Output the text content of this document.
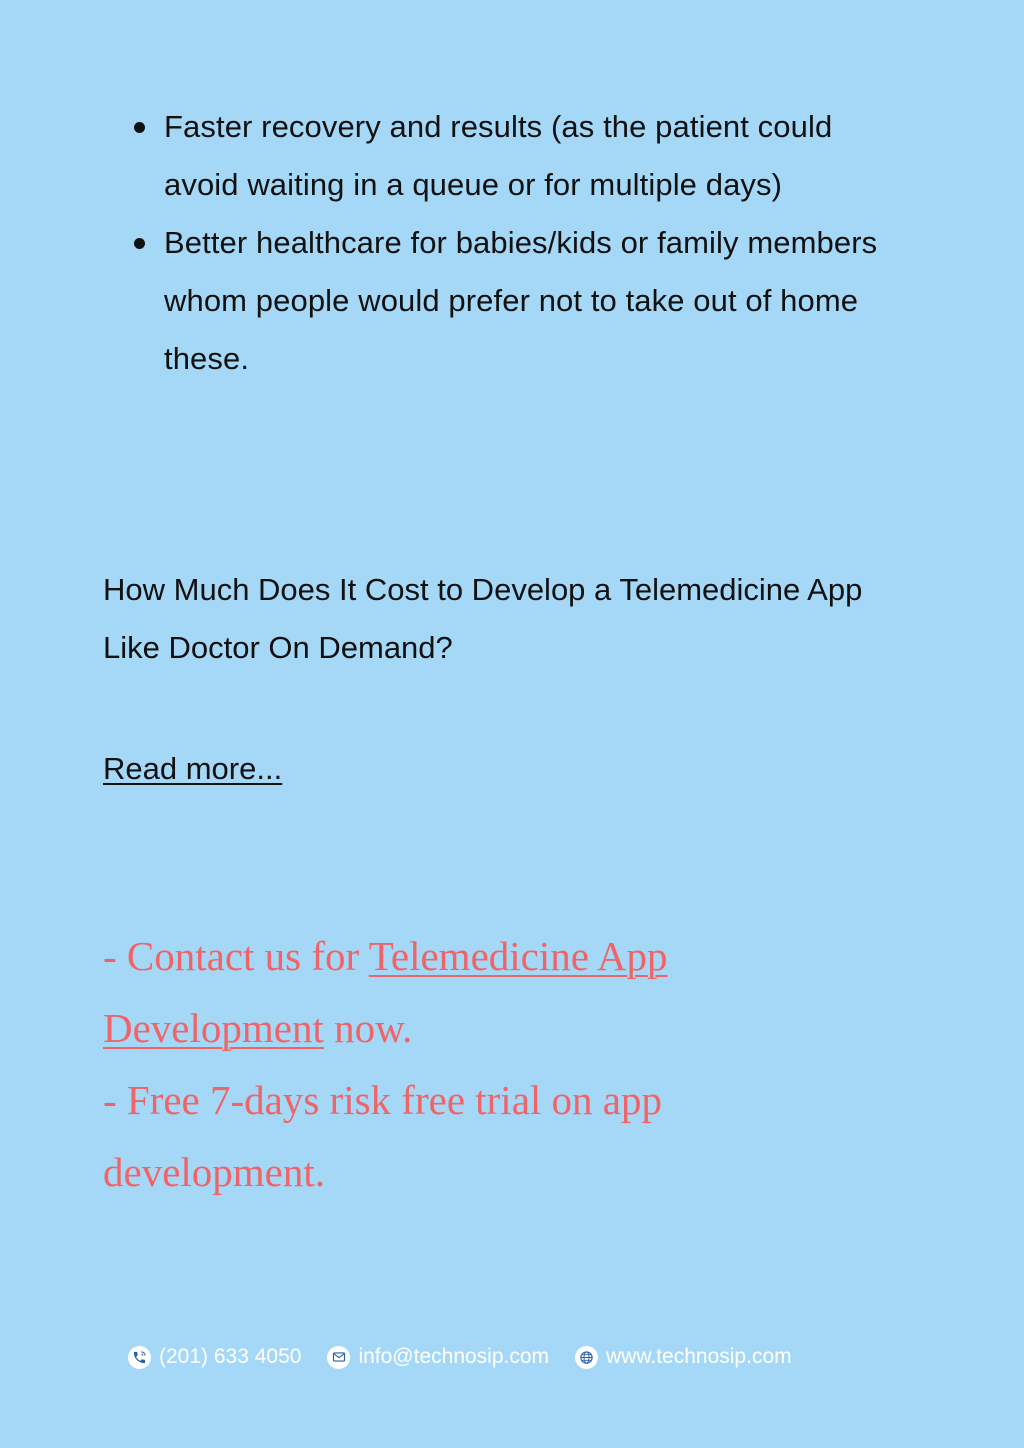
Faster recovery and results (as the patient could
avoid waiting in a queue or for multiple days)
Better healthcare for babies/kids or family members
whom people would prefer not to take out of home
these.
How Much Does It Cost to Develop a Telemedicine App
Like Doctor On Demand?
Read more...

- Contact us for Telemedicine App
Development now.

- Free 7-days risk free trial on app
development.

(201) 633 4050	info@technosip.com	www.technosip.com
